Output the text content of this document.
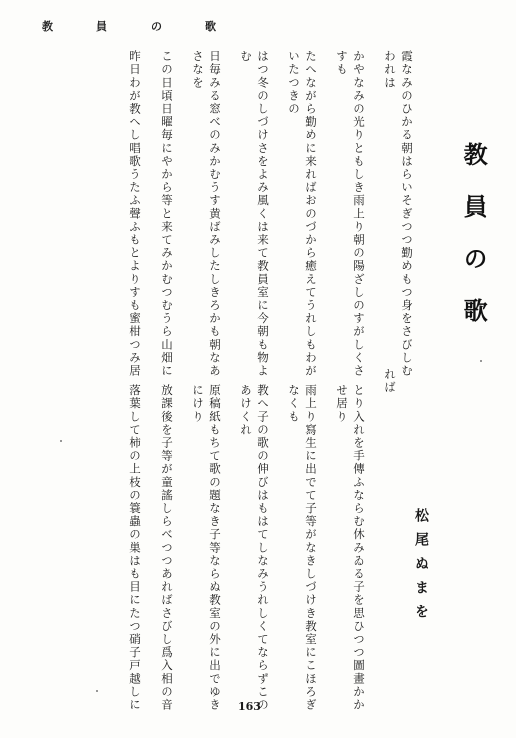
歌
の
員
教
教員の歌
松尾ぬまを
霞なみのひかる朝はらいそぎつつ勤めもつ身をさびしむ
われは
かやなみの光りともしき雨上り朝の陽ざしのすがしくさ
すも
たへながら勤めに来ればおのづから癒えてうれしもわが
いたつきの
はつ冬のしづけさをよみ風くは来て教員室に今朝も物よ
む
日毎みる窓べのみかむうす黄ばみしたしきろかも朝なあ
さなを
この日頃日曜毎にやから等と来てみかむつむうら山畑に
昨日わが教へし唱歌うたふ聲ふもとよりすも蜜柑つみ居
れば
とり入れを手傳ふならむ休みゐる子を思ひつつ圖畫かか
せ居り
雨上り寫生に出でて子等がなきしづけき教室にこほろぎ
なくも
教へ子の歌の伸びはもはてしなみうれしくてならずこの
あけくれ
原稿紙もちて歌の題なき子等ならぬ教室の外に出でゆき
にけり
放課後を子等が童謠しらべつつあればさびし爲入相の音
落葉して柿の上枝の簑蟲の巣はも目にたつ硝子戸越しに	163
